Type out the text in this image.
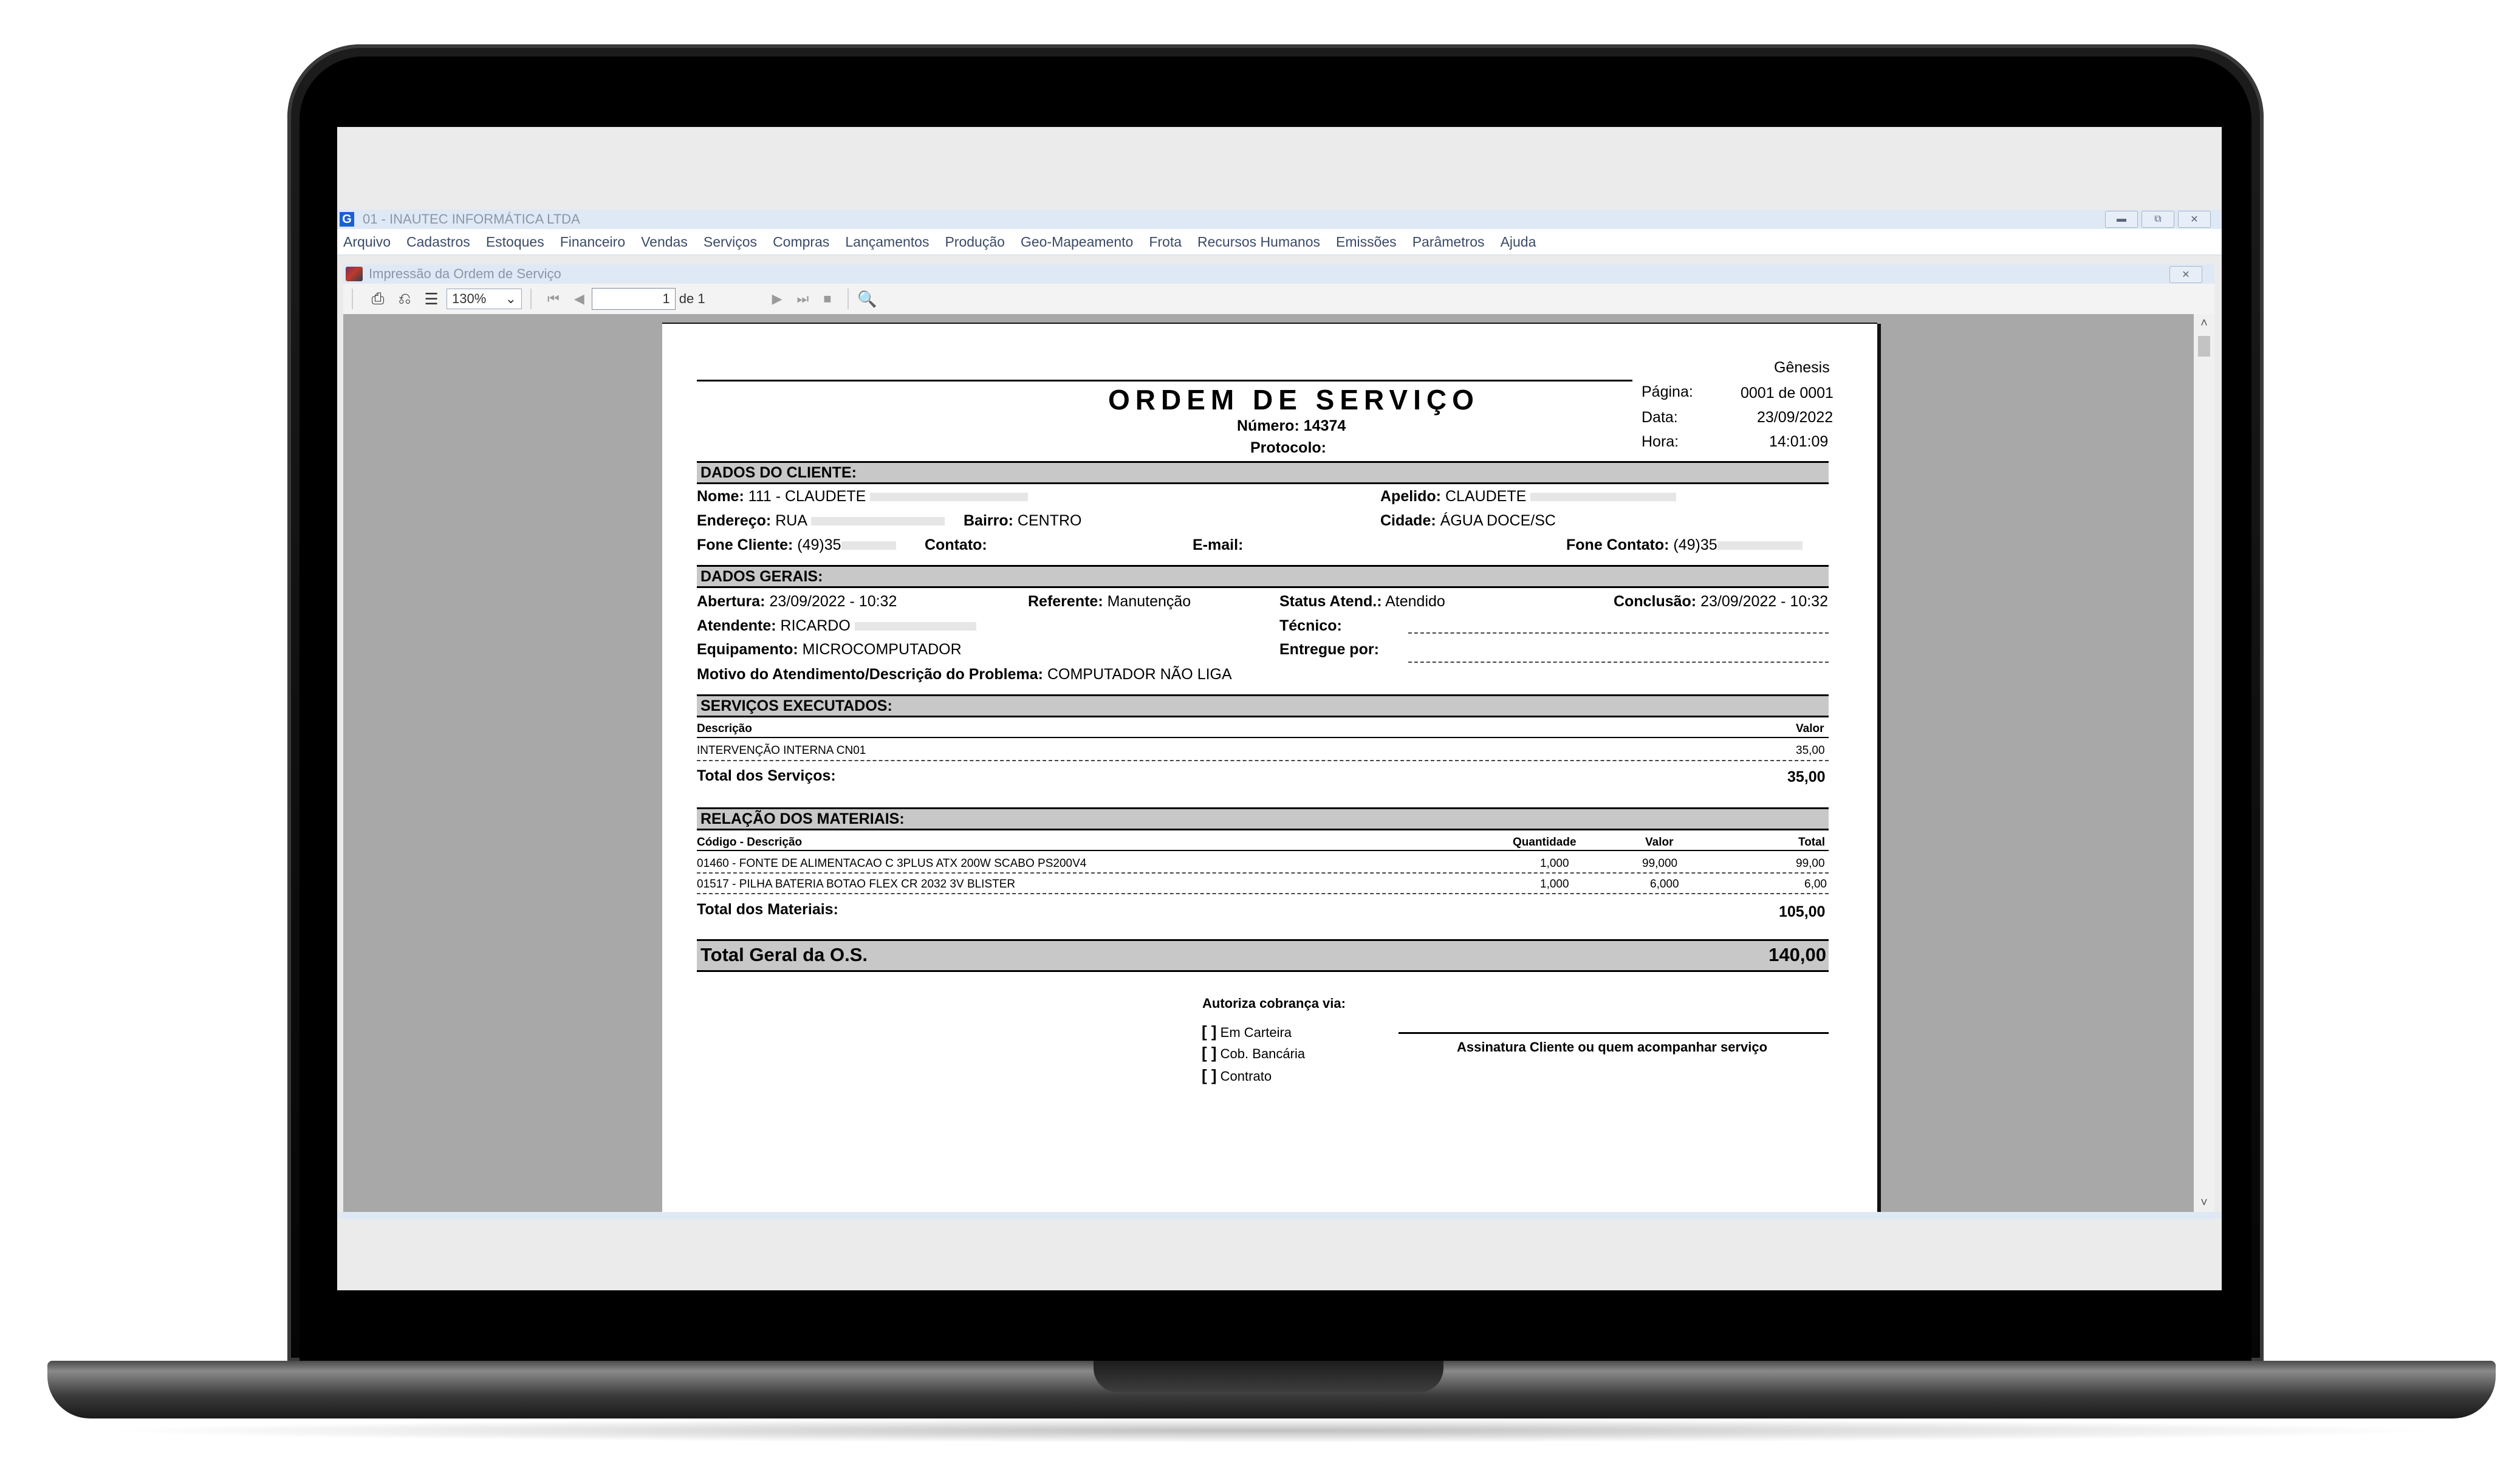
G 01 - INAUTEC INFORMÁTICA LTDA	▬	⧉	✕
Arquivo Cadastros Estoques Financeiro Vendas Serviços Compras Lançamentos Produção Geo-Mapeamento Frota Recursos Humanos Emissões Parâmetros Ajuda
Impressão da Ordem de Serviço	✕
⎙ ⎌ ☰ 130% ⌄ ⏮ ◀	1 de 1	▶ ⏭ ■ 🔍
Gênesis
ORDEM DE SERVIÇO
Número: 14374
Protocolo:
Página:	0001 de 0001
Data:	23/09/2022
Hora:	14:01:09
DADOS DO CLIENTE:
Nome: 111 - CLAUDETE	Apelido: CLAUDETE
Endereço: RUA	Bairro: CENTRO	Cidade: ÁGUA DOCE/SC
Fone Cliente: (49)35	Contato:	E-mail:	Fone Contato: (49)35
DADOS GERAIS:
Abertura: 23/09/2022 - 10:32	Referente: Manutenção	Status Atend.: Atendido	Conclusão: 23/09/2022 - 10:32
Atendente: RICARDO	Técnico:
Equipamento: MICROCOMPUTADOR	Entregue por:
Motivo do Atendimento/Descrição do Problema: COMPUTADOR NÃO LIGA
SERVIÇOS EXECUTADOS:
Descrição	Valor
INTERVENÇÃO INTERNA CN01	35,00
Total dos Serviços:	35,00
RELAÇÃO DOS MATERIAIS:
Código - Descrição	Quantidade	Valor	Total
01460 - FONTE DE ALIMENTACAO C 3PLUS ATX 200W SCABO PS200V4	1,000	99,000	99,00
01517 - PILHA BATERIA BOTAO FLEX CR 2032 3V BLISTER	1,000	6,000	6,00
Total dos Materiais:	105,00
Total Geral da O.S.	140,00
Autoriza cobrança via:
[ ] Em Carteira
[ ] Cob. Bancária
[ ] Contrato
Assinatura Cliente ou quem acompanhar serviço
˄
˅
